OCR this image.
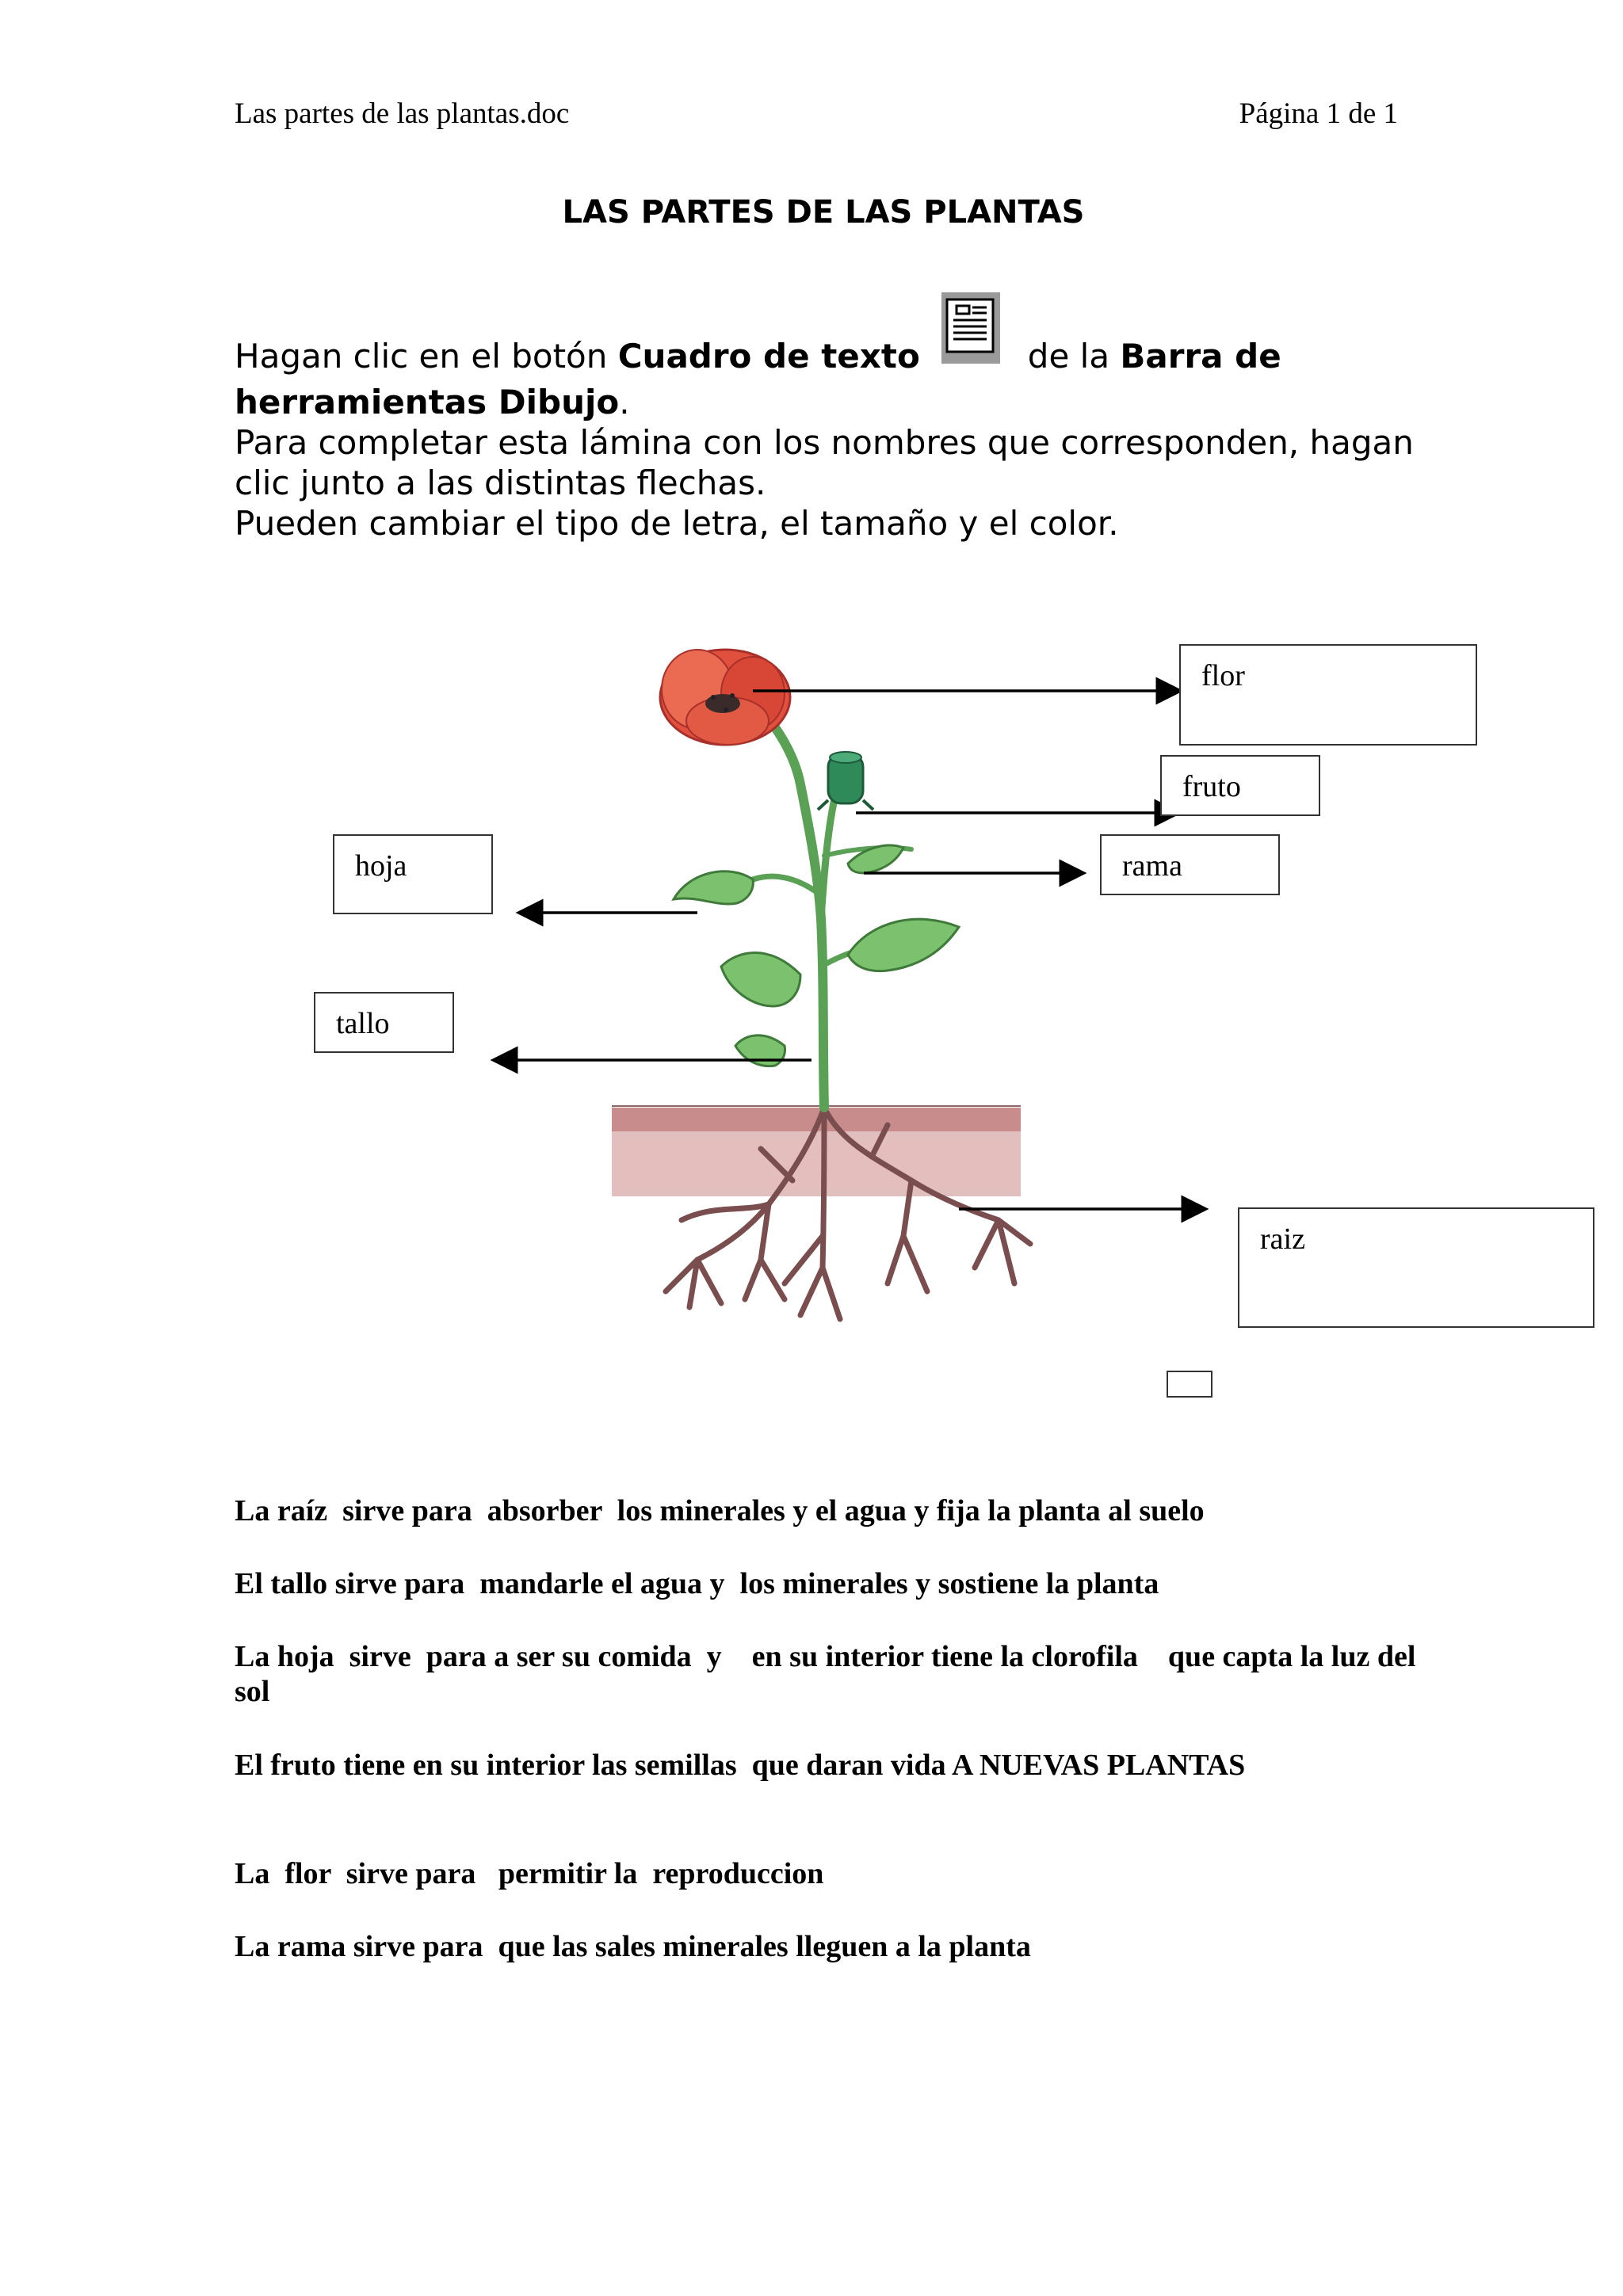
Las partes de las plantas.doc	Página 1 de 1
LAS PARTES DE LAS PLANTAS

Hagan clic en el botón Cuadro de texto	de la Barra de herramientas Dibujo.

Para completar esta lámina con los nombres que corresponden, hagan clic junto a las distintas flechas.

Pueden cambiar el tipo de letra, el tamaño y el color.

flor
fruto
rama
hoja
tallo
raiz
La raíz  sirve para  absorber  los minerales y el agua y fija la planta al suelo
El tallo sirve para  mandarle el agua y  los minerales y sostiene la planta
La hoja  sirve  para a ser su comida  y    en su interior tiene la clorofila    que capta la luz del sol
El fruto tiene en su interior las semillas  que daran vida A NUEVAS PLANTAS
La  flor  sirve para   permitir la  reproduccion
La rama sirve para  que las sales minerales lleguen a la planta
